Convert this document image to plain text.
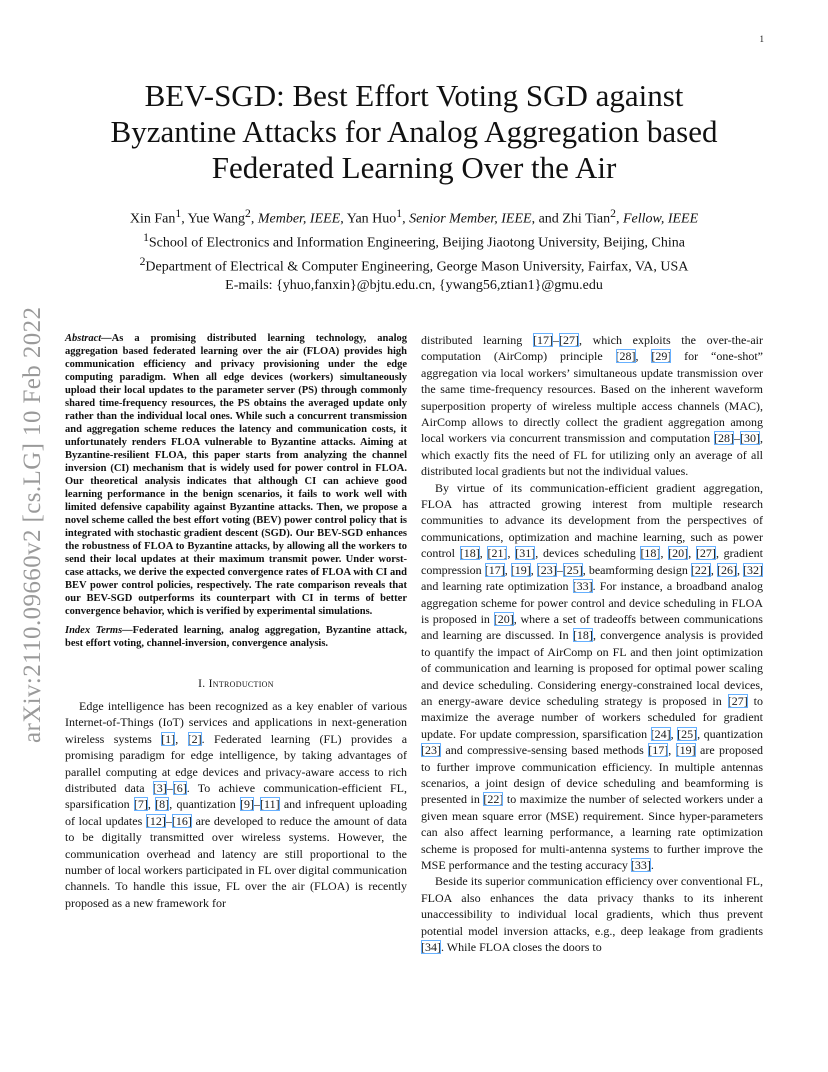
1
arXiv:2110.09660v2 [cs.LG] 10 Feb 2022
BEV-SGD: Best Effort Voting SGD against Byzantine Attacks for Analog Aggregation based Federated Learning Over the Air
Xin Fan$^1$, Yue Wang$^2$, Member, IEEE, Yan Huo$^1$, Senior Member, IEEE, and Zhi Tian$^2$, Fellow, IEEE
$^1$School of Electronics and Information Engineering, Beijing Jiaotong University, Beijing, China
$^2$Department of Electrical & Computer Engineering, George Mason University, Fairfax, VA, USA
E-mails: {yhuo,fanxin}@bjtu.edu.cn, {ywang56,ztian1}@gmu.edu

Abstract—As a promising distributed learning technology, analog aggregation based federated learning over the air (FLOA) provides high communication efficiency and privacy provisioning under the edge computing paradigm. When all edge devices (workers) simultaneously upload their local updates to the parameter server (PS) through commonly shared time-frequency resources, the PS obtains the averaged update only rather than the individual local ones. While such a concurrent transmission and aggregation scheme reduces the latency and communication costs, it unfortunately renders FLOA vulnerable to Byzantine attacks. Aiming at Byzantine-resilient FLOA, this paper starts from analyzing the channel inversion (CI) mechanism that is widely used for power control in FLOA. Our theoretical analysis indicates that although CI can achieve good learning performance in the benign scenarios, it fails to work well with limited defensive capability against Byzantine attacks. Then, we propose a novel scheme called the best effort voting (BEV) power control policy that is integrated with stochastic gradient descent (SGD). Our BEV-SGD enhances the robustness of FLOA to Byzantine attacks, by allowing all the workers to send their local updates at their maximum transmit power. Under worst-case attacks, we derive the expected convergence rates of FLOA with CI and BEV power control policies, respectively. The rate comparison reveals that our BEV-SGD outperforms its counterpart with CI in terms of better convergence behavior, which is verified by experimental simulations.

Index Terms—Federated learning, analog aggregation, Byzantine attack, best effort voting, channel-inversion, convergence analysis.

I. Introduction

Edge intelligence has been recognized as a key enabler of various Internet-of-Things (IoT) services and applications in next-generation wireless systems [1], [2]. Federated learning (FL) provides a promising paradigm for edge intelligence, by taking advantages of parallel computing at edge devices and privacy-aware access to rich distributed data [3]–[6]. To achieve communication-efficient FL, sparsification [7], [8], quantization [9]–[11] and infrequent uploading of local updates [12]–[16] are developed to reduce the amount of data to be digitally transmitted over wireless systems. However, the communication overhead and latency are still proportional to the number of local workers participated in FL over digital communication channels. To handle this issue, FL over the air (FLOA) is recently proposed as a new framework for

distributed learning [17]–[27], which exploits the over-the-air computation (AirComp) principle [28], [29] for “one-shot” aggregation via local workers’ simultaneous update transmission over the same time-frequency resources. Based on the inherent waveform superposition property of wireless multiple access channels (MAC), AirComp allows to directly collect the gradient aggregation among local workers via concurrent transmission and computation [28]–[30], which exactly fits the need of FL for utilizing only an average of all distributed local gradients but not the individual values.

By virtue of its communication-efficient gradient aggregation, FLOA has attracted growing interest from multiple research communities to advance its development from the perspectives of communications, optimization and machine learning, such as power control [18], [21], [31], devices scheduling [18], [20], [27], gradient compression [17], [19], [23]–[25], beamforming design [22], [26], [32] and learning rate optimization [33]. For instance, a broadband analog aggregation scheme for power control and device scheduling in FLOA is proposed in [20], where a set of tradeoffs between communications and learning are discussed. In [18], convergence analysis is provided to quantify the impact of AirComp on FL and then joint optimization of communication and learning is proposed for optimal power scaling and device scheduling. Considering energy-constrained local devices, an energy-aware device scheduling strategy is proposed in [27] to maximize the average number of workers scheduled for gradient update. For update compression, sparsification [24], [25], quantization [23] and compressive-sensing based methods [17], [19] are proposed to further improve communication efficiency. In multiple antennas scenarios, a joint design of device scheduling and beamforming is presented in [22] to maximize the number of selected workers under a given mean square error (MSE) requirement. Since hyper-parameters can also affect learning performance, a learning rate optimization scheme is proposed for multi-antenna systems to further improve the MSE performance and the testing accuracy [33].

Beside its superior communication efficiency over conventional FL, FLOA also enhances the data privacy thanks to its inherent unaccessibility to individual local gradients, which thus prevent potential model inversion attacks, e.g., deep leakage from gradients [34]. While FLOA closes the doors to
